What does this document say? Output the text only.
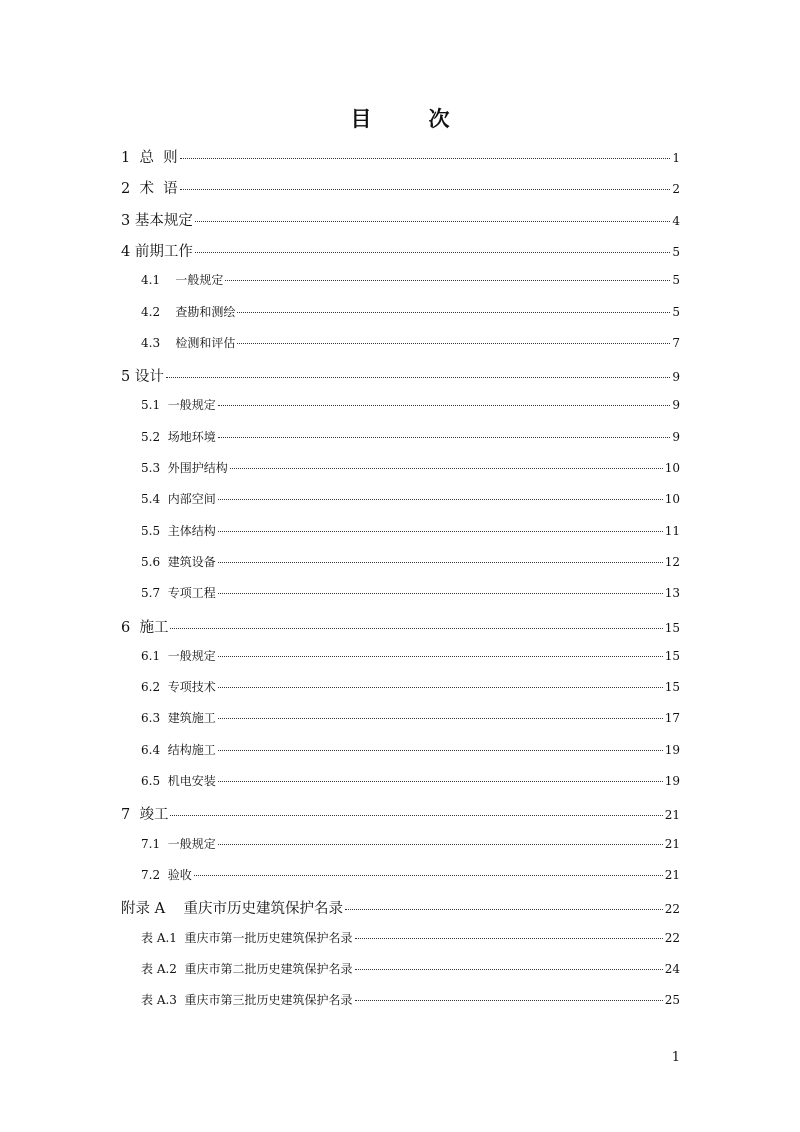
目　次
1  总  则	1
2  术  语	2
3 基本规定	4
4 前期工作	5
4.1    一般规定	5
4.2    查勘和测绘	5
4.3    检测和评估	7
5 设计	9
5.1  一般规定	9
5.2  场地环境	9
5.3  外围护结构	10
5.4  内部空间	10
5.5  主体结构	11
5.6  建筑设备	12
5.7  专项工程	13
6  施工	15
6.1  一般规定	15
6.2  专项技术	15
6.3  建筑施工	17
6.4  结构施工	19
6.5  机电安装	19
7  竣工	21
7.1  一般规定	21
7.2  验收	21
附录 A    重庆市历史建筑保护名录	22
表 A.1  重庆市第一批历史建筑保护名录	22
表 A.2  重庆市第二批历史建筑保护名录	24
表 A.3  重庆市第三批历史建筑保护名录	25
1
